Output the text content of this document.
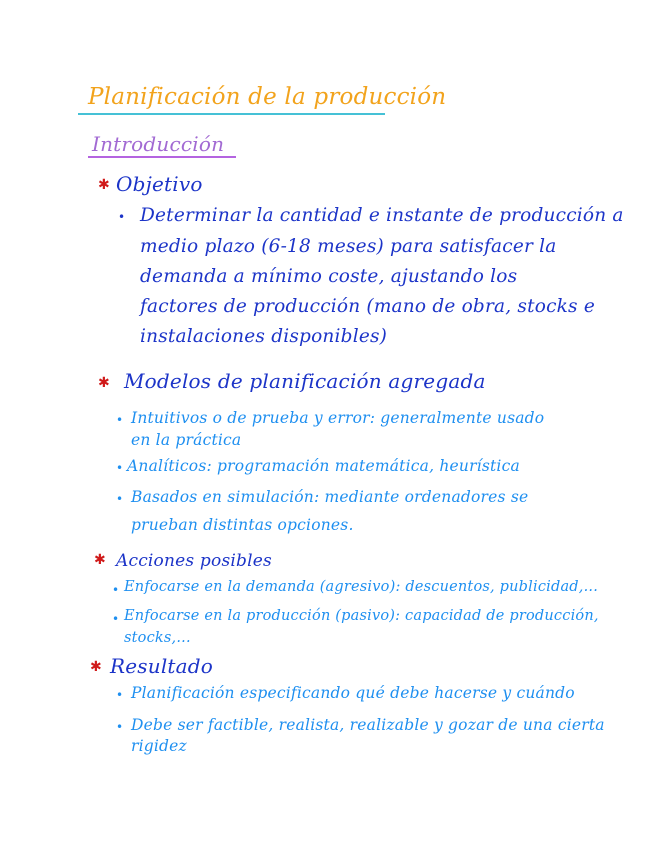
Planificación de la producción
Introducción
✱ Objetivo
• Determinar la cantidad e instante de producción a
medio plazo (6-18 meses) para satisfacer la
demanda a mínimo coste, ajustando los
factores de producción (mano de obra, stocks e
instalaciones disponibles)
✱ Modelos de planificación agregada
• Intuitivos o de prueba y error: generalmente usado
en la práctica
• Analíticos: programación matemática, heurística
• Basados en simulación: mediante ordenadores se
prueban distintas opciones.
✱ Acciones posibles
• Enfocarse en la demanda (agresivo): descuentos, publicidad,...
• Enfocarse en la producción (pasivo): capacidad de producción,
stocks,...
✱ Resultado
• Planificación especificando qué debe hacerse y cuándo
• Debe ser factible, realista, realizable y gozar de una cierta
rigidez
